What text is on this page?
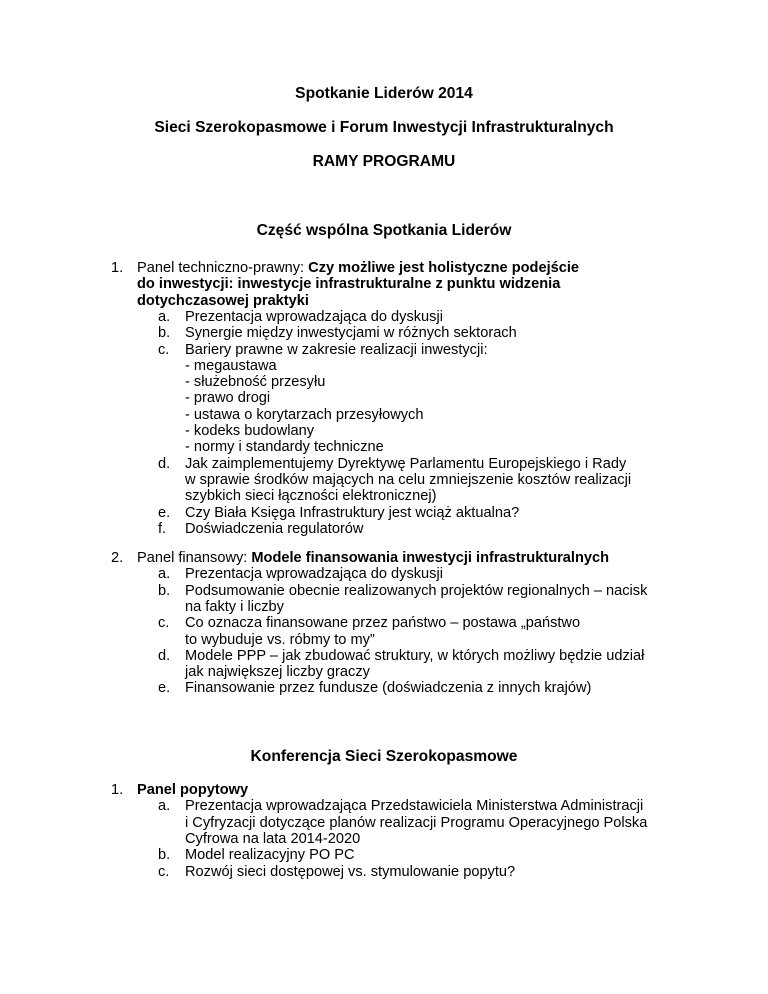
Spotkanie Liderów 2014
Sieci Szerokopasmowe i Forum Inwestycji Infrastrukturalnych
RAMY PROGRAMU
Część wspólna Spotkania Liderów
1. Panel techniczno-prawny: Czy możliwe jest holistyczne podejście
do inwestycji: inwestycje infrastrukturalne z punktu widzenia
dotychczasowej praktyki
a. Prezentacja wprowadzająca do dyskusji
b. Synergie między inwestycjami w różnych sektorach
c. Bariery prawne w zakresie realizacji inwestycji:
- megaustawa
- służebność przesyłu
- prawo drogi
- ustawa o korytarzach przesyłowych
- kodeks budowlany
- normy i standardy techniczne
d. Jak zaimplementujemy Dyrektywę Parlamentu Europejskiego i Rady
w sprawie środków mających na celu zmniejszenie kosztów realizacji
szybkich sieci łączności elektronicznej)
e. Czy Biała Księga Infrastruktury jest wciąż aktualna?
f. Doświadczenia regulatorów
2. Panel finansowy: Modele finansowania inwestycji infrastrukturalnych
a. Prezentacja wprowadzająca do dyskusji
b. Podsumowanie obecnie realizowanych projektów regionalnych – nacisk
na fakty i liczby
c. Co oznacza finansowane przez państwo – postawa „państwo
to wybuduje vs. róbmy to my”
d. Modele PPP – jak zbudować struktury, w których możliwy będzie udział
jak największej liczby graczy
e. Finansowanie przez fundusze (doświadczenia z innych krajów)
Konferencja Sieci Szerokopasmowe
1. Panel popytowy
a. Prezentacja wprowadzająca Przedstawiciela Ministerstwa Administracji
i Cyfryzacji dotyczące planów realizacji Programu Operacyjnego Polska
Cyfrowa na lata 2014-2020
b. Model realizacyjny PO PC
c. Rozwój sieci dostępowej vs. stymulowanie popytu?
